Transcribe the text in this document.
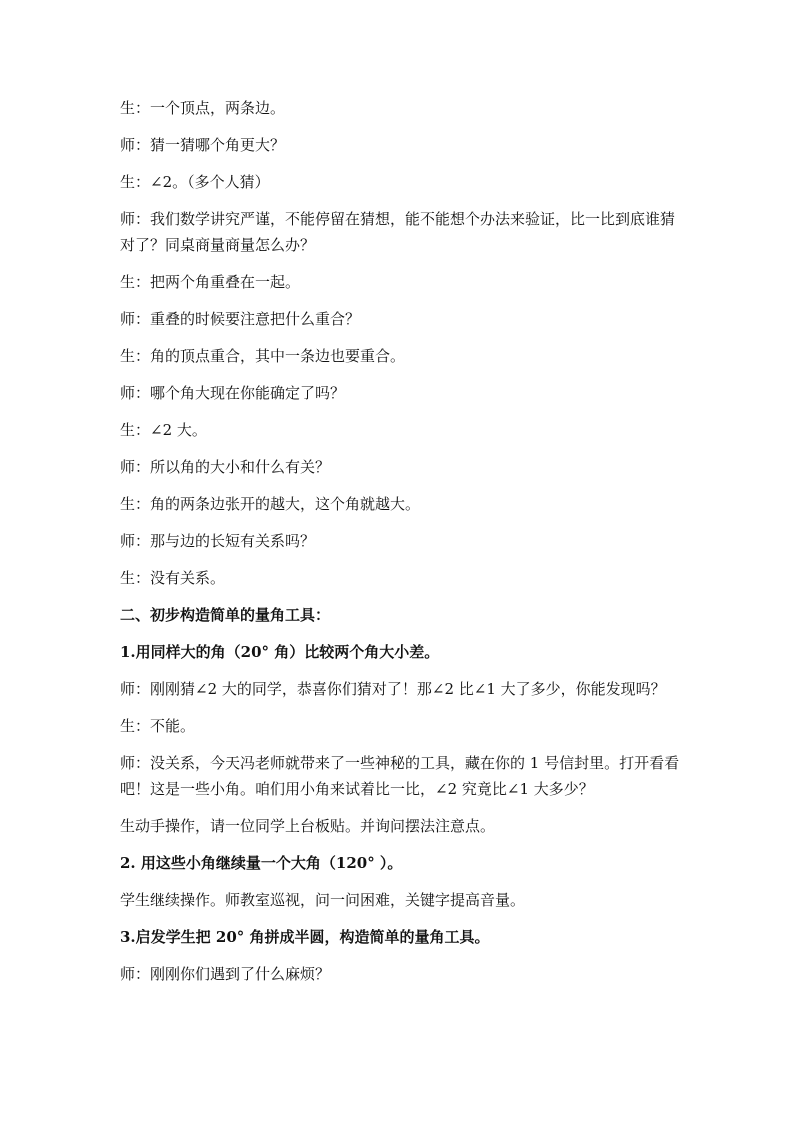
生：一个顶点，两条边。

师：猜一猜哪个角更大？

生：∠2。（多个人猜）

师：我们数学讲究严谨，不能停留在猜想，能不能想个办法来验证，比一比到底谁猜对了？同桌商量商量怎么办？

生：把两个角重叠在一起。

师：重叠的时候要注意把什么重合？

生：角的顶点重合，其中一条边也要重合。

师：哪个角大现在你能确定了吗？

生：∠2 大。

师：所以角的大小和什么有关？

生：角的两条边张开的越大，这个角就越大。

师：那与边的长短有关系吗？

生：没有关系。

二、初步构造简单的量角工具：

1.用同样大的角（20° 角）比较两个角大小差。

师：刚刚猜∠2 大的同学，恭喜你们猜对了！那∠2 比∠1 大了多少，你能发现吗？

生：不能。

师：没关系，今天冯老师就带来了一些神秘的工具，藏在你的 1 号信封里。打开看看吧！这是一些小角。咱们用小角来试着比一比，∠2 究竟比∠1 大多少？

生动手操作，请一位同学上台板贴。并询问摆法注意点。

2. 用这些小角继续量一个大角（120° ）。

学生继续操作。师教室巡视，问一问困难，关键字提高音量。

3.启发学生把 20° 角拼成半圆，构造简单的量角工具。

师：刚刚你们遇到了什么麻烦？
